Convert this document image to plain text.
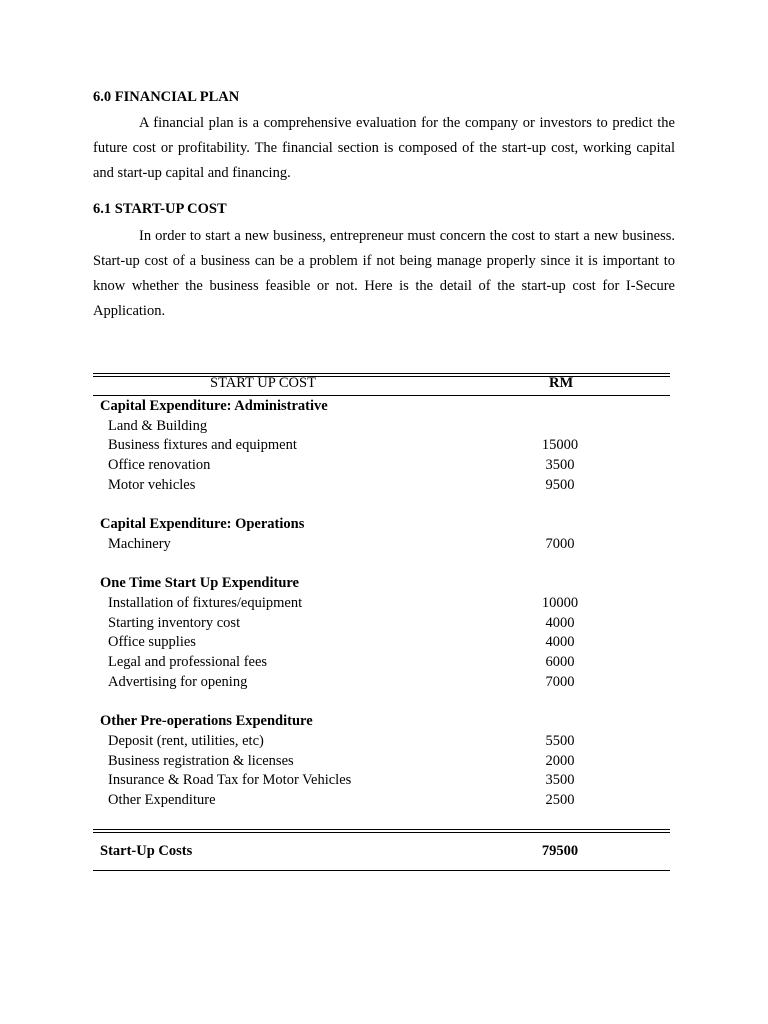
6.0 FINANCIAL PLAN

A financial plan is a comprehensive evaluation for the company or investors to predict the future cost or profitability. The financial section is composed of the start-up cost, working capital and start-up capital and financing.

6.1 START-UP COST

In order to start a new business, entrepreneur must concern the cost to start a new business. Start-up cost of a business can be a problem if not being manage properly since it is important to know whether the business feasible or not. Here is the detail of the start-up cost for I-Secure Application.

START UP COST	RM
Capital Expenditure: Administrative
Land & Building
Business fixtures and equipment	15000
Office renovation	3500
Motor vehicles	9500
Capital Expenditure: Operations
Machinery	7000
One Time Start Up Expenditure
Installation of fixtures/equipment	10000
Starting inventory cost	4000
Office supplies	4000
Legal and professional fees	6000
Advertising for opening	7000
Other Pre-operations Expenditure
Deposit (rent, utilities, etc)	5500
Business registration & licenses	2000
Insurance & Road Tax for Motor Vehicles	3500
Other Expenditure	2500
Start-Up Costs	79500
